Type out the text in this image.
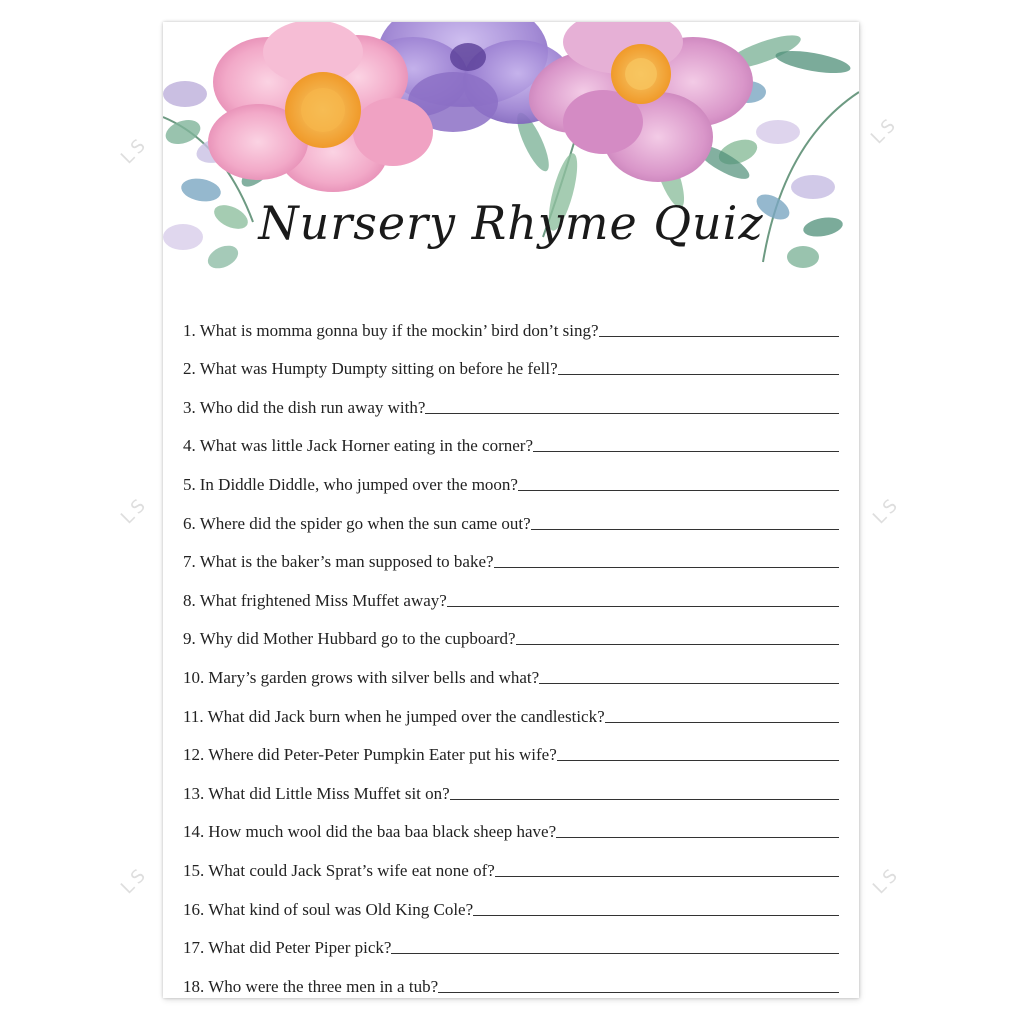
LS
LS
LS	LS
LS	LS
Nursery Rhyme Quiz
1. What is momma gonna buy if the mockin’ bird don’t sing?
2. What was Humpty Dumpty sitting on before he fell?
3. Who did the dish run away with?
4. What was little Jack Horner eating in the corner?
5. In Diddle Diddle, who jumped over the moon?
6. Where did the spider go when the sun came out?
7. What is the baker’s man supposed to bake?
8. What frightened Miss Muffet away?
9. Why did Mother Hubbard go to the cupboard?
10. Mary’s garden grows with silver bells and what?
11. What did Jack burn when he jumped over the candlestick?
12. Where did Peter-Peter Pumpkin Eater put his wife?
13. What did Little Miss Muffet sit on?
14. How much wool did the baa baa black sheep have?
15. What could Jack Sprat’s wife eat none of?
16. What kind of soul was Old King Cole?
17. What did Peter Piper pick?
18. Who were the three men in a tub?
